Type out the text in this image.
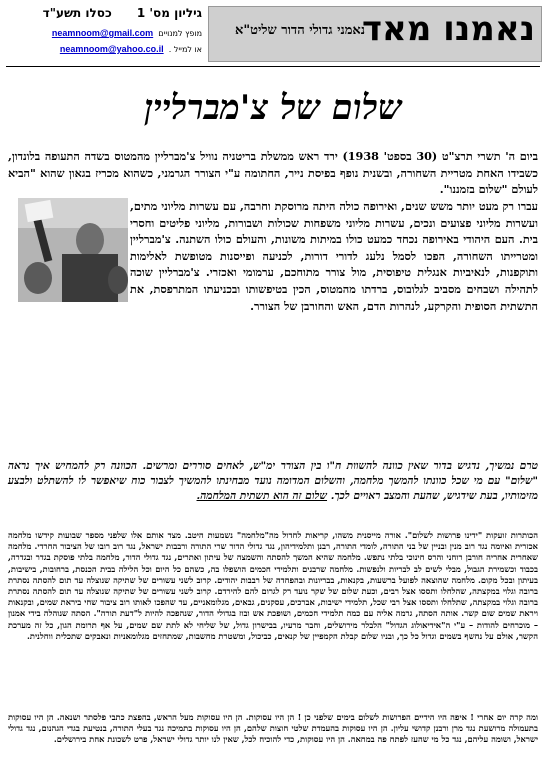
נאמנו מאד
נאמני גדולי הדור שליט"א
גיליון מס' 1      כסלו תשע"ד
מופץ למנויים  neamnoom@gmail.com
או למייל .  neamnoom@yahoo.co.il
שלום של צ'מברליין
ביום ה' תשרי תרצ"ט (30 בספט' 1938) ירד ראש ממשלת בריטניה נוויל צ'מברליין מהמטוס בשדה התעופה בלונדון, כשבידו האחת מטריית השחורה, ובשנית נופף בפיסת נייר, החתומה ע"י הצורר הגרמני, כשהוא מכריז בגאון שהוא "הביא לעולם "שלום בזמננו".
עברו רק מעט יותר משש שנים, ואירופה כולה היתה מרוסקת וחרבה, עם עשרות מליוני מתים, ועשרות מליוני פצועים ונכים, עשרות מליוני משפחות שכולות ושבורות, מליוני פליטים וחסרי בית. העם היהודי באירופה נכחד כמעט כולו במיתות משונות, והעולם כולו השתנה. צ'מברליין ומטרייתו השחורה, הפכו לסמל נלעג לדורי דורות, לכניעה ופייסנות מטופשת לאלימות ותוקפנות, לנאיביות אנגלית טיפוסית, מול צורר מתוחכם, ערמומי ואכזרי. צ'מברליין שוכה לתהילה ושבחים מסביב לגלובוס, ברדתו מהמטוס, הכין בטיפשותו ובכניעתו המתרפסת, את התשתית הסופית והקרקע, לנהרות הדם, האש והחורבן של הצורר.
טרם נמשיך, נדגיש בדור שאין כוונה להשוות ח"ו בין הצורר ימ"ש, לאחים סוררים ומרשים. הכוונה רק להמחיש איך נראה "שלום" עם מי שכל כוונתו להמשך מלחמה, והשלום המדומה נועד מבחינתו להמשיך לצבור כוח שיאפשר לו להשתלט ולבצע מזימותיו, בעת שידגיש, שהעת והמצב ראויים לכך. שלום זה הוא תשתית המלחמה.
הכותרות זועקות "ידינו פרושות לשלום". אורה מייסנית משהו, קריאות לחדול מה"מלחמה" נשמעות היטב. מצד אותם אלו שלפני מספר שבועות קידשו מלחמה אכזרית ואיומה נגד רוב מנין ובניין של בני התורה, לומדי התורה, רבנן ותלמידיהון, נגד גדולי הדור שרי התורה ורבבות ישראל, נגד רוב רובו של הציבור החרדי. מלחמה שאחרית אחריה חורבן רוחני והרס חינוכי בלתי נתפש. מלחמה שהיא המשך להסתה והשמצה של עיתון ואתרים, נגד גדולי הדור, מלחמה בלתי פוסקת בגדר ובגדרה, בכבוד וכשמירת הגבול, מבלי לשים לב לבריות ולנפשות. מלחמה שרבנים ותלמידי חכמים הושפלו בה, כשהם כל היום וכל הלילה בבית הכנסת, ברחובות, בישיבות, בעיתון ובכל מקום. מלחמה שהוצאה לפועל ברשעות, בקנאות, בבריונות ובהפחדה של רבבות יהודים. קרוב לשני עשורים של שתיקה שנוצלה עד תום להסתה נסתרת ברובה וגלוי במקצתה, שהלחלו ותססו אצל רבים, וכעת שלום של שקר נועד רק לגרום להם להירדם. קרוב לשני עשורים של שתיקה שנוצלה עד תום להסתה נסתרת ברובה וגלוי במקצתה, שתלחלו ותססו אצל רבי שכל, תלמידי ישיבות, אברכים, עסקנים, גבאים, מגלומאניים, עד שהפכו לאותו רוב ציבור שחי ביראת שמים, ובקנאות ויראת שמים שום קשר. אותה הסתה, גרמה אליה עם כמה תלמידי חכמים, ושופכת אש ובוז בגדולי הדור, שנהפכה להיות ל"דעת תורה". הסתה שנוהלה בידי אמנון – מוכרחים להודות – ע"י ה"אידיאולוג הגדול" הלבלר מירושלים, וחבר מרעיו, בבישרון גדול, של שליחי לא לתת שם שמים, על אף תרומת הגון, כל זה מערכת הקשר, אולם על נחשף בשמים וגדול כל כך, ובניו שלום קבלת הקמפיין של קנאים, כביכול, ומשטרת מחשבות, שמתחזים מגלומאניות ונאבקים שתכלית ווחלנית.
ומה קרה יום אחרי ! איפה היו הידיים הפרושות לשלום בימים שלפני כן ! הן היו עסוקות. הן היו עסוקות מעל הראש, בהפצת כתבי פלסתר ושנאה. הן היו עסוקות בתעמולה מרושעת נגד מרן ורבנן קדושי עליון. הן היו עסוקות בהעמדת שלטי חוצות שלהם, הן היו עסוקות בתמיכה נגד בעלי התורה, בנטיעת בגדי הגהנום, נגד גדולי ישראל, ושומה עליהם, נגד כל מי שהעז לפתח פה במחאה. הן היו עסוקות, כדי להוכיח לכל, שאין לנו יותר גדולי ישראל, פרט לשכונת אחת בירושלים.
